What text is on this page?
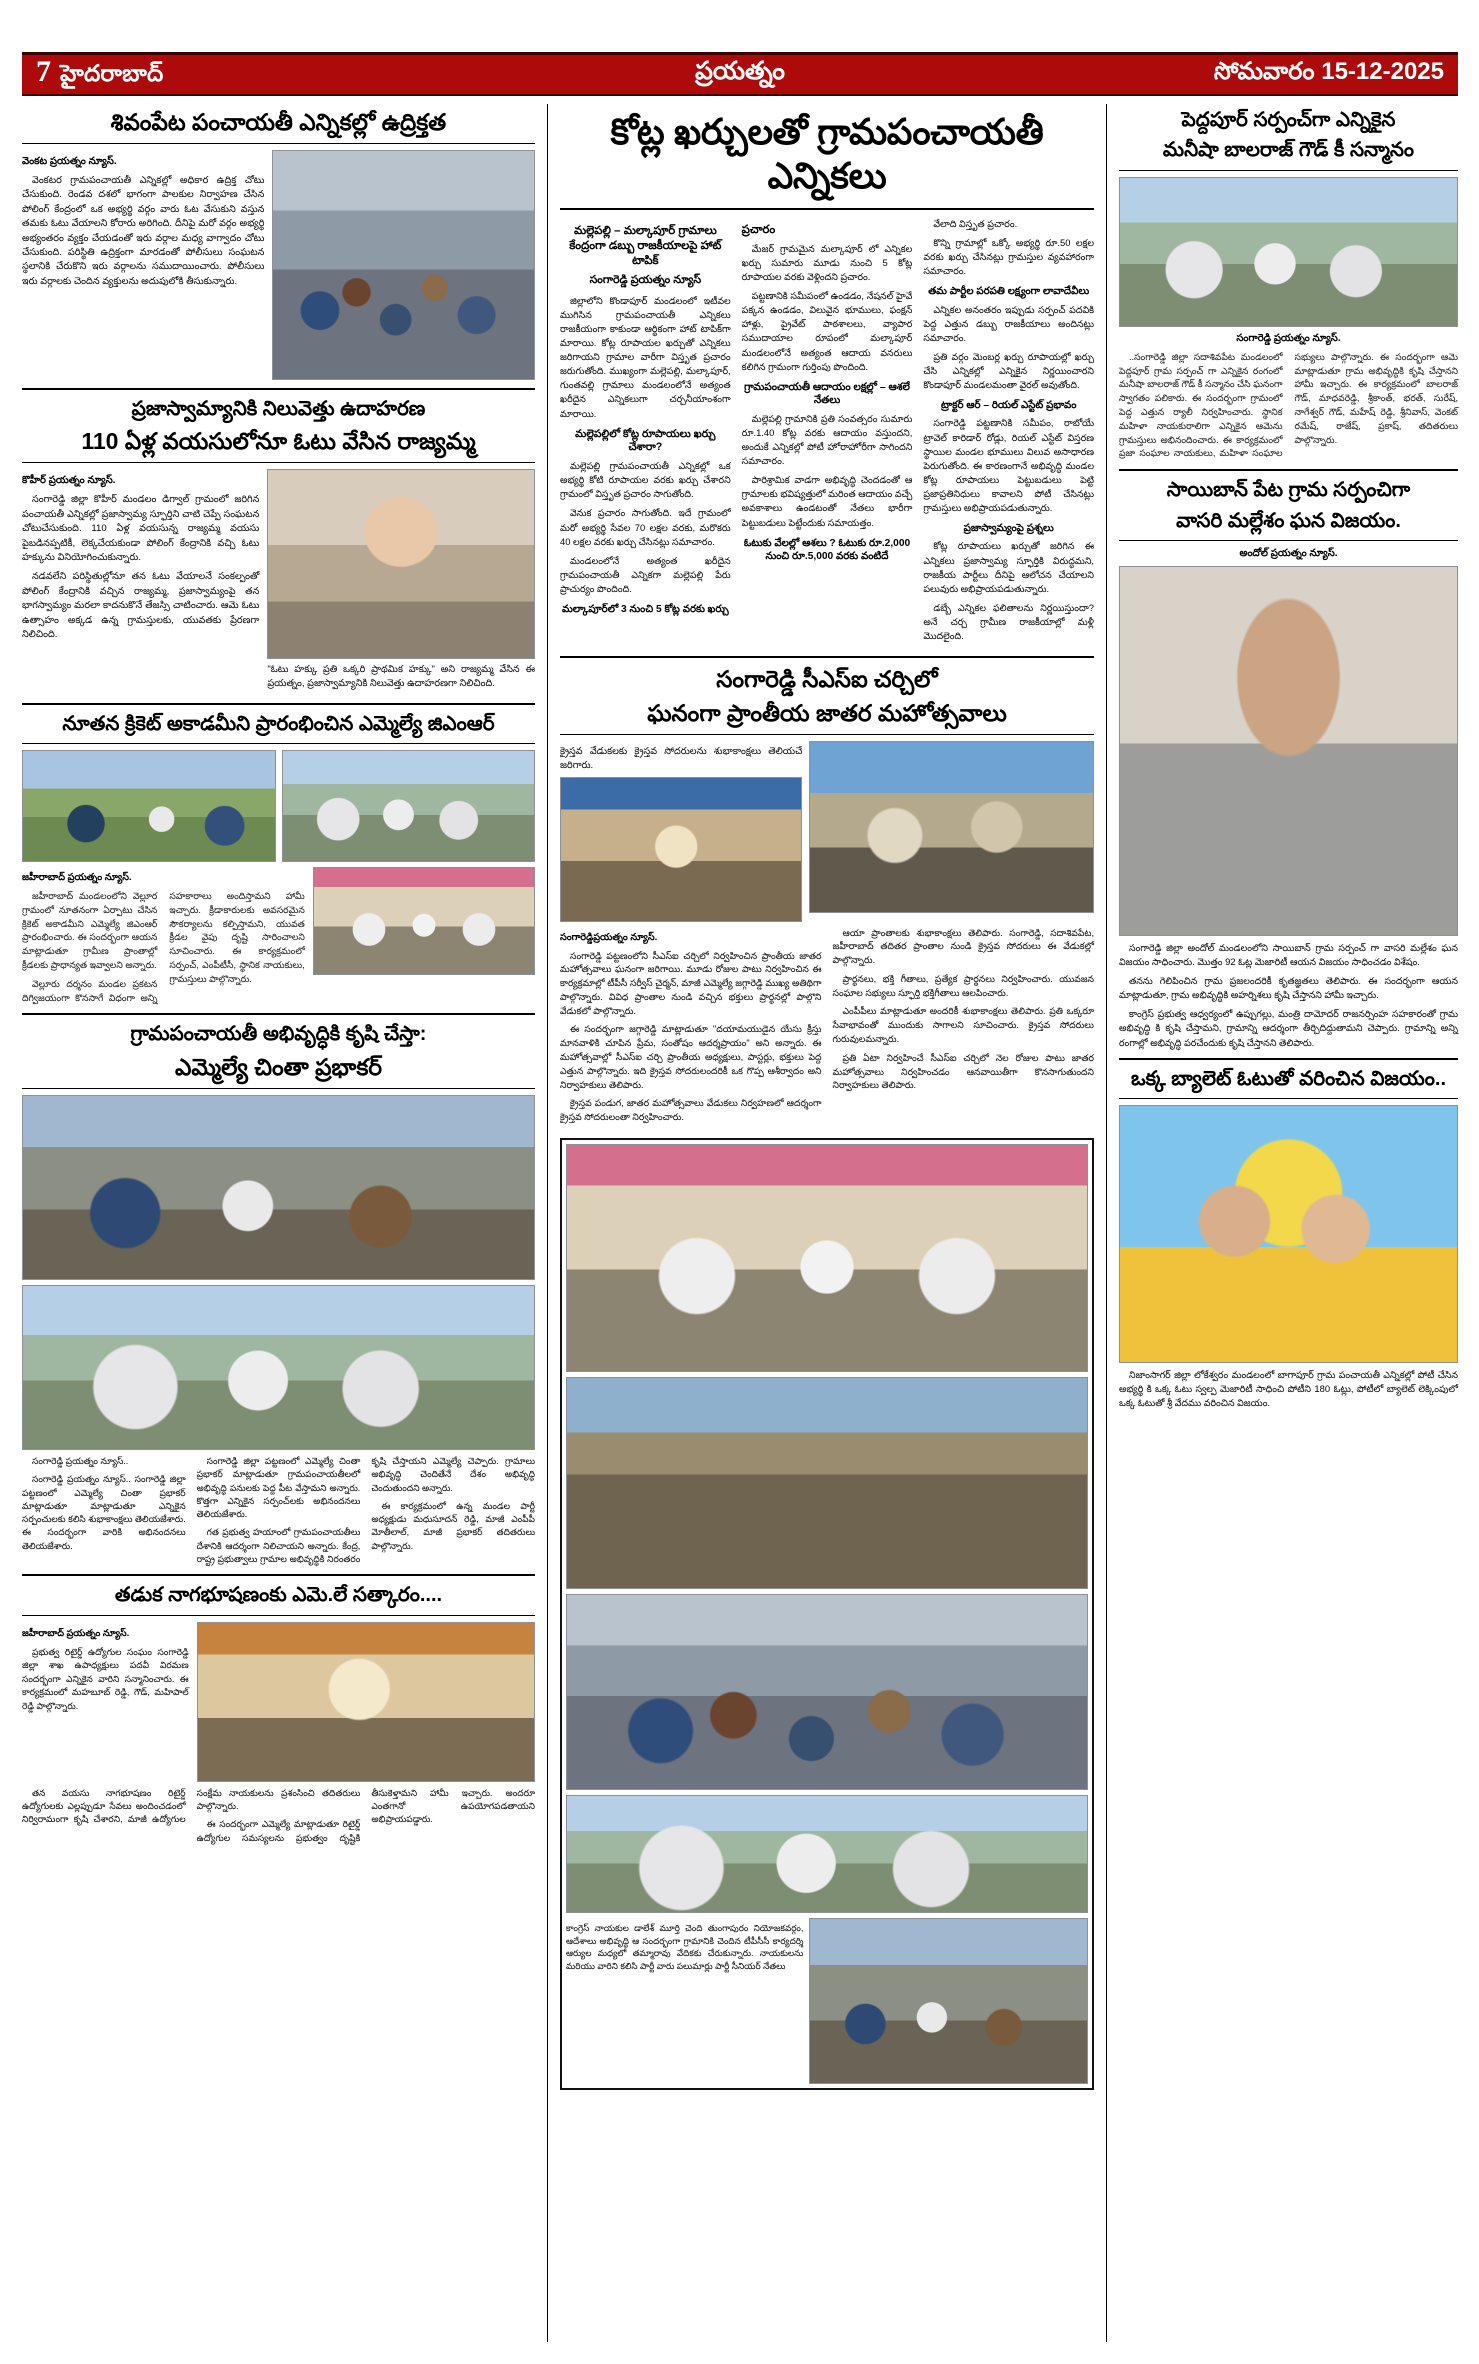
7 హైదరాబాద్	ప్రయత్నం	సోమవారం 15-12-2025
శివంపేట పంచాయతీ ఎన్నికల్లో ఉద్రిక్తత
వెంకట ప్రయత్నం న్యూస్.

వెంకటర గ్రామపంచాయతీ ఎన్నికల్లో అధికార ఉద్రిక్త చోటు చేసుకుంది. రెండవ దశలో భాగంగా పాలకుల నిర్వాహణ చేసిన పోలింగ్ కేంద్రంలో ఒక అభ్యర్థి వర్గం వారు ఓట వేసుకుని వస్తున తమకు ఓటు వేయాలని కోరారు అరిగింది. దీనిపై మరో వర్గం అభ్యర్థి అభ్యంతరం వ్యక్తం చేయడంతో ఇరు వర్గాల మధ్య వాగ్వాదం చోటు చేసుకుంది. పరిస్థితి ఉద్రిక్తంగా మారడంతో పోలీసులు సంఘటన స్థలానికి చేరుకొని ఇరు వర్గాలను సముదాయించారు. పోలీసులు ఇరు వర్గాలకు చెందిన వ్యక్తులను అదుపులోకి తీసుకున్నారు.

ప్రజాస్వామ్యానికి నిలువెత్తు ఉదాహరణ
110 ఏళ్ల వయసులోనూ ఓటు వేసిన రాజ్యమ్మ
కొహీర్ ప్రయత్నం న్యూస్.

సంగారెడ్డి జిల్లా కొహీర్ మండలం డిగ్వాల్ గ్రామంలో జరిగిన పంచాయతీ ఎన్నికల్లో ప్రజాస్వామ్య స్ఫూర్తిని చాటి చెప్పే సంఘటన చోటుచేసుకుంది. 110 ఏళ్ల వయసున్న రాజ్యమ్మ వయసు పైబడినప్పటికీ, లెక్కచేయకుండా పోలింగ్ కేంద్రానికి వచ్చి ఓటు హక్కును వినియోగించుకున్నారు.

నడవలేని పరిస్థితుల్లోనూ తన ఓటు వేయాలనే సంకల్పంతో పోలింగ్ కేంద్రానికి వచ్చిన రాజ్యమ్మ, ప్రజాస్వామ్యంపై తన భాగస్వామ్యం మరలా కాదనుకొనే తేజస్సి చాటించారు. ఆమె ఓటు ఉత్సాహం అక్కడ ఉన్న గ్రామస్తులకు, యువతకు ప్రేరణగా నిలిచింది.

"ఓటు హక్కు ప్రతి ఒక్కరి ప్రాథమిక హక్కు" అని రాజ్యమ్మ వేసిన ఈ ప్రయత్నం, ప్రజాస్వామ్యానికి నిలువెత్తు ఉదాహరణగా నిలిచింది.
నూతన క్రికెట్ అకాడమీని ప్రారంభించిన ఎమ్మెల్యే జిఎంఆర్
జహీరాబాద్ ప్రయత్నం న్యూస్.

జహీరాబాద్ మండలంలోని వెల్లూర గ్రామంలో నూతనంగా ఏర్పాటు చేసిన క్రికెట్ అకాడమీని ఎమ్మెల్యే జిఎంఆర్ ప్రారంభించారు. ఈ సందర్భంగా ఆయన మాట్లాడుతూ గ్రామీణ ప్రాంతాల్లో క్రీడలకు ప్రాధాన్యత ఇవ్వాలని అన్నారు.

వెల్లూరు దర్శనం మండల ప్రకటన దిగ్విజయంగా కొనసాగే విధంగా అన్ని సహకారాలు అందిస్తామని హామీ ఇచ్చారు. క్రీడాకారులకు అవసరమైన సౌకర్యాలను కల్పిస్తామని, యువత క్రీడల వైపు దృష్టి సారించాలని సూచించారు. ఈ కార్యక్రమంలో సర్పంచ్, ఎంపీటీసీ, స్థానిక నాయకులు, గ్రామస్తులు పాల్గొన్నారు.

గ్రామపంచాయతీ అభివృద్ధికి కృషి చేస్తా:
ఎమ్మెల్యే చింతా ప్రభాకర్

సంగారెడ్డి ప్రయత్నం న్యూస్..

సంగారెడ్డి ప్రయత్నం న్యూస్.. సంగారెడ్డి జిల్లా పట్టణంలో ఎమ్మెల్యే చింతా ప్రభాకర్ మాట్లాడుతూ మాట్లాడుతూ ఎన్నికైన సర్పంచులకు కలిసి శుభాకాంక్షలు తెలియజేశారు. ఈ సందర్భంగా వారికి అభినందనలు తెలియజేశారు.

సంగారెడ్డి జిల్లా పట్టణంలో ఎమ్మెల్యే చింతా ప్రభాకర్ మాట్లాడుతూ గ్రామపంచాయతీలలో అభివృద్ధి పనులకు పెద్ద పీట వేస్తామని అన్నారు. కొత్తగా ఎన్నికైన సర్పంచ్‌లకు అభినందనలు తెలియజేశారు.

గత ప్రభుత్వ హయాంలో గ్రామపంచాయతీలు దేశానికి ఆదర్శంగా నిలిచాయని అన్నారు. కేంద్ర, రాష్ట్ర ప్రభుత్వాలు గ్రామాల అభివృద్ధికి నిరంతరం కృషి చేస్తాయని ఎమ్మెల్యే చెప్పారు. గ్రామాలు అభివృద్ధి చెందితేనే దేశం అభివృద్ధి చెందుతుందని అన్నారు.

ఈ కార్యక్రమంలో ఉన్న మండల పార్టీ అధ్యక్షుడు మధుసూదన్ రెడ్డి, మాజీ ఎంపీపీ మోతీలాల్, మాజీ ప్రభాకర్ తదితరులు పాల్గొన్నారు.

తడుక నాగభూషణంకు ఎమె.లే సత్కారం....
జహీరాబాద్ ప్రయత్నం న్యూస్.

ప్రభుత్వ రిటైర్డ్ ఉద్యోగుల సంఘం సంగారెడ్డి జిల్లా శాఖ ఉపాధ్యక్షులు పదవీ విరమణ సందర్భంగా ఎన్నికైన వారిని సన్మానించారు. ఈ కార్యక్రమంలో మహబూబ్ రెడ్డి, గౌడ్, మహిపాల్ రెడ్డి పాల్గొన్నారు.

తన వయసు నాగభూషణం రిటైర్డ్ ఉద్యోగులకు ఎల్లప్పుడూ సేవలు అందించడంలో నిర్విరామంగా కృషి చేశారని, మాజీ ఉద్యోగుల సంక్షేమ నాయకులను ప్రశంసించి తదితరులు పాల్గొన్నారు.

ఈ సందర్భంగా ఎమ్మెల్యే మాట్లాడుతూ రిటైర్డ్ ఉద్యోగుల సమస్యలను ప్రభుత్వం దృష్టికి తీసుకెళ్తామని హామీ ఇచ్చారు. అందరూ ఎంతగానో ఉపయోగపడతాయని అభిప్రాయపడ్డారు.

కోట్ల ఖర్చులతో గ్రామపంచాయతీ ఎన్నికలు
మల్లెపల్లి – మల్కాపూర్ గ్రామాలు కేంద్రంగా డబ్బు రాజకీయాలపై హాట్ టాపిక్
సంగారెడ్డి ప్రయత్నం న్యూస్

జిల్లాలోని కొండాపూర్ మండలంలో ఇటీవల ముగిసిన గ్రామపంచాయతీ ఎన్నికలు రాజకీయంగా కాకుండా ఆర్థికంగా హాట్ టాపిక్‌గా మారాయి. కోట్ల రూపాయల ఖర్చుతో ఎన్నికలు జరిగాయని గ్రామాల వారీగా విస్తృత ప్రచారం జరుగుతోంది. ముఖ్యంగా మల్లెపల్లి, మల్కాపూర్, గుంతవల్లి గ్రామాలు మండలంలోనే అత్యంత ఖరీదైన ఎన్నికలుగా చర్చనీయాంశంగా మారాయి.

మల్లెపల్లిలో కోట్ల రూపాయలు ఖర్చు చేశారా?

మల్లెపల్లి గ్రామపంచాయతీ ఎన్నికల్లో ఒక అభ్యర్థి కోటి రూపాయల వరకు ఖర్చు చేశారని గ్రామంలో విస్తృత ప్రచారం సాగుతోంది.

వెనుక ప్రచారం సాగుతోంది. ఇదే గ్రామంలో మరో అభ్యర్థి సేవల 70 లక్షల వరకు, మరొకరు 40 లక్షల వరకు ఖర్చు చేసినట్లు సమాచారం.

మండలంలోనే అత్యంత ఖరీదైన గ్రామపంచాయతీ ఎన్నికగా మల్లెపల్లి పేరు ప్రాచుర్యం పొందింది.

మల్కాపూర్‌లో 3 నుంచి 5 కోట్ల వరకు ఖర్చు
ప్రచారం

మేజర్ గ్రామమైన మల్కాపూర్ లో ఎన్నికల ఖర్చు సుమారు మూడు నుంచి 5 కోట్ల రూపాయల వరకు వెళ్లిందని ప్రచారం.

పట్టణానికి సమీపంలో ఉండడం, నేషనల్ హైవే పక్కన ఉండడం, విలువైన భూములు, ఫంక్షన్ హాళ్లు, ప్రైవేట్ పాఠశాలలు, వ్యాపార సముదాయాల రూపంలో మల్కాపూర్ మండలంలోనే అత్యంత ఆదాయ వనరులు కలిగిన గ్రామంగా గుర్తింపు పొందింది.

గ్రామపంచాయతీ ఆదాయం లక్షల్లో – ఆశలే నేతలు

మల్లెపల్లి గ్రామానికి ప్రతి సంవత్సరం సుమారు రూ.1.40 కోట్ల వరకు ఆదాయం వస్తుందని, అందుకే ఎన్నికల్లో పోటీ హోరాహోరీగా సాగిందని సమాచారం.

పారిశ్రామిక వాడగా అభివృద్ధి చెందడంతో ఆ గ్రామాలకు భవిష్యత్తులో మరింత ఆదాయం వచ్చే అవకాశాలు ఉండటంతో నేతలు భారీగా పెట్టుబడులు పెట్టేందుకు సమాయత్తం.

ఓటుకు వేలల్లో ఆశలు ? ఓటుకు రూ.2,000 నుంచి రూ.5,000 వరకు వంటిదే

వేలాది విస్తృత ప్రచారం.

కొన్ని గ్రామాల్లో ఒక్కో అభ్యర్థి రూ.50 లక్షల వరకు ఖర్చు చేసినట్లు గ్రామస్తుల వ్యవహారంగా సమాచారం.

తమ పార్టీల పరపతి లక్ష్యంగా లావాదేవీలు

ఎన్నికల అనంతరం ఇప్పుడు సర్పంచ్ పదవికి పెద్ద ఎత్తున డబ్బు రాజకీయాలు అందినట్లు సమాచారం.

ప్రతి వర్గం మెంబర్ల ఖర్చు రూపాయల్లో ఖర్చు చేసి ఎన్నికల్లో ఎన్నికైన నిర్ణయించారని కొండాపూర్ మండలమంతా వైరల్ అవుతోంది.

ట్రాక్టర్ ఆర్ – రియల్ ఎస్టేట్ ప్రభావం

సంగారెడ్డి పట్టణానికి సమీపం, రాబోయే ట్రావెల్ కారిడార్ రోడ్లు, రియల్ ఎస్టేట్ విస్తరణ స్థాయిల మండల భూములు విలువ అసాధారణ పెరుగుతోంది. ఈ కారణంగానే అభివృద్ధి మండల కోట్ల రూపాయలు పెట్టుబడులు పెట్టి ప్రజాప్రతినిధులు కావాలని పోటీ చేసినట్లు గ్రామస్తులు అభిప్రాయపడుతున్నారు.

ప్రజాస్వామ్యంపై ప్రశ్నలు

కోట్ల రూపాయలు ఖర్చుతో జరిగిన ఈ ఎన్నికలు ప్రజాస్వామ్య స్ఫూర్తికి విరుద్ధమని, రాజకీయ పార్టీలు దీనిపై ఆలోచన చేయాలని పలువురు అభిప్రాయపడుతున్నారు.

డబ్బే ఎన్నికల ఫలితాలను నిర్ణయిస్తుందా? అనే చర్చ గ్రామీణ రాజకీయాల్లో మళ్లీ మొదలైంది.

సంగారెడ్డి సీఎస్ఐ చర్చిలో
ఘనంగా ప్రాంతీయ జాతర మహోత్సవాలు
క్రైస్తవ వేడుకలకు క్రైస్తవ సోదరులను శుభాకాంక్షలు తెలియచే జరిగారు.
సంగారెడ్డిప్రయత్నం న్యూస్.

సంగారెడ్డి పట్టణంలోని సీఎస్ఐ చర్చిలో నిర్వహించిన ప్రాంతీయ జాతర మహోత్సవాలు ఘనంగా జరిగాయి. మూడు రోజుల పాటు నిర్వహించిన ఈ కార్యక్రమాల్లో టీపీసీ సర్వీస్ చైర్మన్, మాజీ ఎమ్మెల్యే జగ్గారెడ్డి ముఖ్య అతిథిగా పాల్గొన్నారు. వివిధ ప్రాంతాల నుండి వచ్చిన భక్తులు ప్రార్థనల్లో పాల్గొని వేడుకలో పాల్గొన్నారు.

ఈ సందర్భంగా జగ్గారెడ్డి మాట్లాడుతూ "దయామయుడైన యేసు క్రీస్తు మానవాళికి చూపిన ప్రేమ, సంతోషం ఆదర్శప్రాయం" అని అన్నారు. ఈ మహోత్సవాల్లో సీఎస్ఐ చర్చి ప్రాంతీయ అధ్యక్షులు, పాస్టర్లు, భక్తులు పెద్ద ఎత్తున పాల్గొన్నారు. ఇది క్రైస్తవ సోదరులందరికీ ఒక గొప్ప ఆశీర్వాదం అని నిర్వాహకులు తెలిపారు.

క్రైస్తవ పండుగ, జాతర మహోత్సవాలు వేడుకలు నిర్వహణలో ఆదర్శంగా క్రైస్తవ సోదరులంతా నిర్వహించారు.

ఆయా ప్రాంతాలకు శుభాకాంక్షలు తెలిపారు. సంగారెడ్డి, సదాశివపేట, జహీరాబాద్ తదితర ప్రాంతాల నుండి క్రైస్తవ సోదరులు ఈ వేడుకల్లో పాల్గొన్నారు.

ప్రార్థనలు, భక్తి గీతాలు, ప్రత్యేక ప్రార్థనలు నిర్వహించారు. యువజన సంఘాల సభ్యులు స్ఫూర్తి భక్తిగీతాలు ఆలపించారు.

ఎంపీపీలు మాట్లాడుతూ అందరికీ శుభాకాంక్షలు తెలిపారు. ప్రతి ఒక్కరూ సేవాభావంతో ముందుకు సాగాలని సూచించారు. క్రైస్తవ సోదరులు గురువులమన్నారు.

ప్రతి ఏటా నిర్వహించే సీఎస్ఐ చర్చిలో నెల రోజుల పాటు జాతర మహోత్సవాలు నిర్వహించడం ఆనవాయితీగా కొనసాగుతుందని నిర్వాహకులు తెలిపారు.

కాంగ్రెస్ నాయకుల డాలేశ్ మూర్తి చెంది తుంగాపురం నియోజకవర్గం, ఆదేశాలు అభివృద్ధి ఆ సందర్భంగా గ్రామానికి చెందిన టీపీసీసీ కార్యదర్శి ఆర్యుల మధ్యలో తమ్మారావు వేదికకు చేరుకున్నారు. నాయకులను మరియు వారిని కలిసి పార్టీ వారు పలుమార్లు పార్టీ సీనియర్ నేతలు
పెద్దపూర్ సర్పంచ్‌గా ఎన్నికైన
మనీషా బాలరాజ్ గౌడ్ కీ సన్మానం
సంగారెడ్డి ప్రయత్నం న్యూస్.

..సంగారెడ్డి జిల్లా సదాశివపేట మండలంలో పెద్దపూర్ గ్రామ సర్పంచ్ గా ఎన్నికైన రంగంలో మనీషా బాలరాజ్ గౌడ్ కీ సన్మానం చేసి ఘనంగా స్వాగతం పలికారు. ఈ సందర్భంగా గ్రామంలో పెద్ద ఎత్తున ర్యాలీ నిర్వహించారు. స్థానిక మహిళా నాయకురాలిగా ఎన్నికైన ఆమెను గ్రామస్తులు అభినందించారు. ఈ కార్యక్రమంలో ప్రజా సంఘాల నాయకులు, మహిళా సంఘాల సభ్యులు పాల్గొన్నారు. ఈ సందర్భంగా ఆమె మాట్లాడుతూ గ్రామ అభివృద్ధికి కృషి చేస్తానని హామీ ఇచ్చారు. ఈ కార్యక్రమంలో బాలరాజ్ గౌడ్, మాధవరెడ్డి, శ్రీకాంత్, భరత్, సురేష్, నాగేశ్వర్ గౌడ్, మహేష్ రెడ్డి, శ్రీనివాస్, వెంకట్ రమేష్, రాజేష్, ప్రకాష్, తదితరులు పాల్గొన్నారు.

సాయిబాన్ పేట గ్రామ సర్పంచిగా
వాసరి మల్లేశం ఘన విజయం.
అందోల్ ప్రయత్నం న్యూస్.

సంగారెడ్డి జిల్లా అందోల్ మండలంలోని సాయిబాన్ గ్రామ సర్పంచ్ గా వాసరి మల్లేశం ఘన విజయం సాధించారు. మొత్తం 92 ఓట్ల మెజారిటీ ఆయన విజయం సాధించడం విశేషం.

తనను గెలిపించిన గ్రామ ప్రజలందరికీ కృతజ్ఞతలు తెలిపారు. ఈ సందర్భంగా ఆయన మాట్లాడుతూ, గ్రామ అభివృద్ధికి అహర్నిశలు కృషి చేస్తానని హామీ ఇచ్చారు.

కాంగ్రెస్ ప్రభుత్వ ఆధ్వర్యంలో ఉప్పుగల్లు, మంత్రి దామోదర్ రాజనర్సింహ సహకారంతో గ్రామ అభివృద్ధి కి కృషి చేస్తామని, గ్రామాన్ని ఆదర్శంగా తీర్చిదిద్దుతామని చెప్పారు. గ్రామాన్ని అన్ని రంగాల్లో అభివృద్ధి పరచేందుకు కృషి చేస్తానని తెలిపారు.

ఒక్క బ్యాలెట్ ఓటుతో వరించిన విజయం..

నిజాంసాగర్ జిల్లా లోకేశ్వరం మండలంలో బాగాపూర్ గ్రామ పంచాయతీ ఎన్నికల్లో పోటీ చేసిన అభ్యర్థి కి ఒక్క ఓటు స్వల్ప మెజారిటీ సాధించి పోటీని 180 ఓట్లు, పోటీలో బ్యాలెట్ లెక్కింపులో ఒక్క ఓటుతో శ్రీ వేదము వరించిన విజయం.
